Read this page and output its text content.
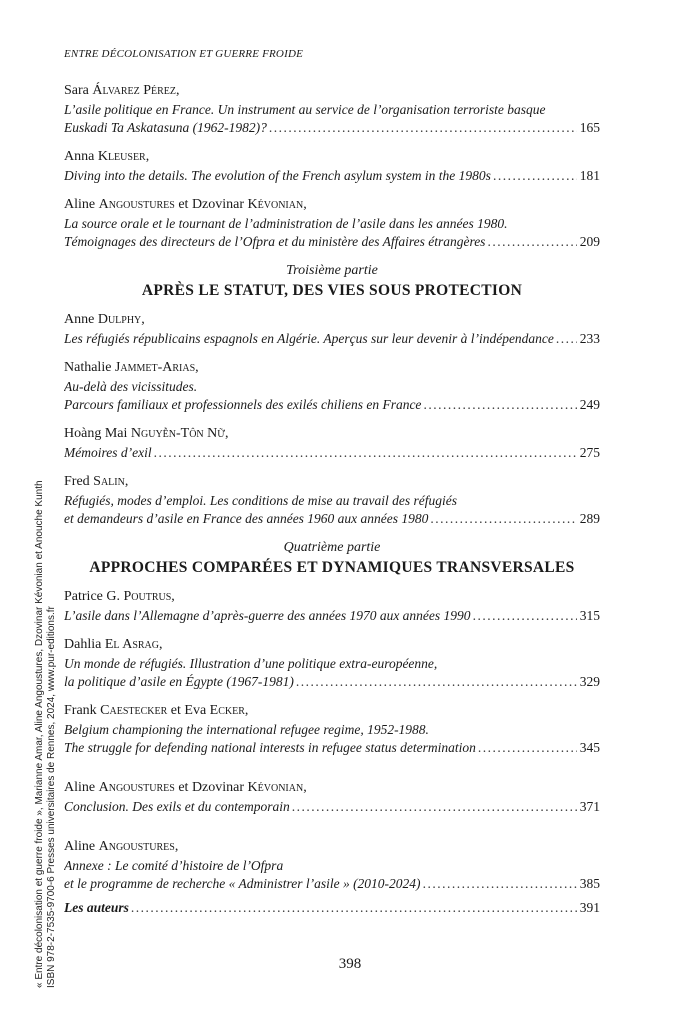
ENTRE DÉCOLONISATION ET GUERRE FROIDE
Sara Álvarez Pérez,
L’asile politique en France. Un instrument au service de l’organisation terroriste basque
Euskadi Ta Askatasuna (1962-1982)? .....	165
Anna Kleuser,
Diving into the details. The evolution of the French asylum system in the 1980s .....	181
Aline Angoustures et Dzovinar Kévonian,
La source orale et le tournant de l’administration de l’asile dans les années 1980.
Témoignages des directeurs de l’Ofpra et du ministère des Affaires étrangères .....	209
Troisième partie
APRÈS LE STATUT, DES VIES SOUS PROTECTION
Anne Dulphy,
Les réfugiés républicains espagnols en Algérie. Aperçus sur leur devenir à l’indépendance ..... 233
Nathalie Jammet-Arias,
Au-delà des vicissitudes.
Parcours familiaux et professionnels des exilés chiliens en France .....	249
Hoàng Mai Nguyễn-Tôn Nữ,
Mémoires d’exil .....	275
Fred Salin,
Réfugiés, modes d’emploi. Les conditions de mise au travail des réfugiés
et demandeurs d’asile en France des années 1960 aux années 1980 .....	289
Quatrième partie
APPROCHES COMPARÉES ET DYNAMIQUES TRANSVERSALES
Patrice G. Poutrus,
L’asile dans l’Allemagne d’après-guerre des années 1970 aux années 1990 .....	315
Dahlia El Asrag,
Un monde de réfugiés. Illustration d’une politique extra-européenne,
la politique d’asile en Égypte (1967-1981) .....	329
Frank Caestecker et Eva Ecker,
Belgium championing the international refugee regime, 1952-1988.
The struggle for defending national interests in refugee status determination .....	345
Aline Angoustures et Dzovinar Kévonian,
Conclusion. Des exils et du contemporain .....	371
Aline Angoustures,
Annexe : Le comité d’histoire de l’Ofpra
et le programme de recherche « Administrer l’asile » (2010-2024) .....	385
Les auteurs .....	391
398
« Entre décolonisation et guerre froide », Marianne Amar, Aline Angoustures, Dzovinar Kévonian et Anouche Kunth ISBN 978-2-7535-9700-6 Presses universitaires de Rennes, 2024, www.pur-editions.fr
